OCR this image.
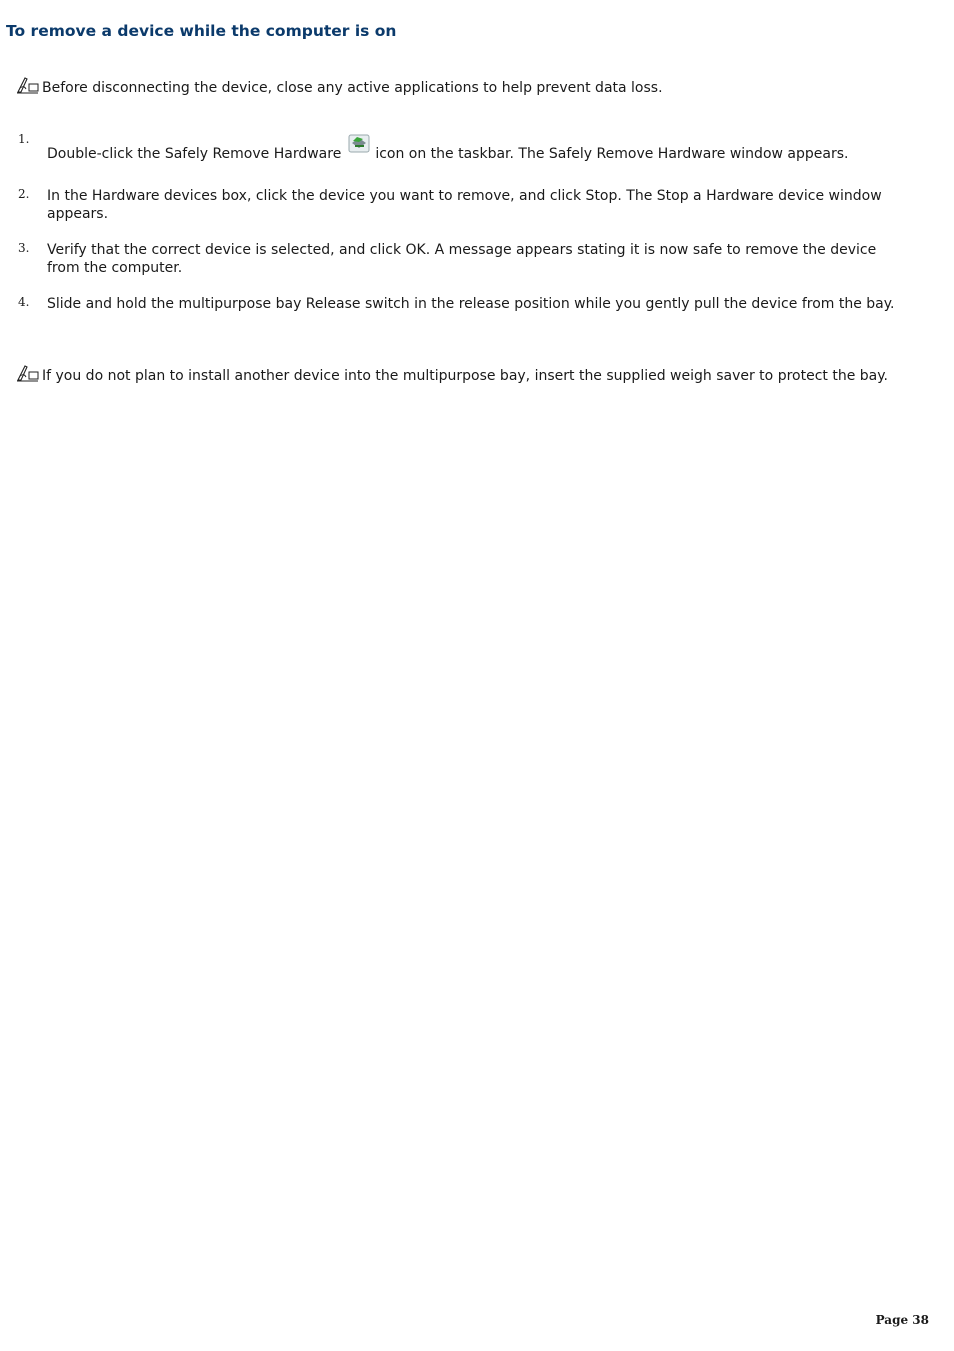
To remove a device while the computer is on
Before disconnecting the device, close any active applications to help prevent data loss.
1.
Double-click the Safely Remove Hardware icon on the taskbar. The Safely Remove Hardware window appears.
2. In the Hardware devices box, click the device you want to remove, and click Stop. The Stop a Hardware device window appears.
3. Verify that the correct device is selected, and click OK. A message appears stating it is now safe to remove the device from the computer.
4. Slide and hold the multipurpose bay Release switch in the release position while you gently pull the device from the bay.
If you do not plan to install another device into the multipurpose bay, insert the supplied weigh saver to protect the bay.
Page 38
